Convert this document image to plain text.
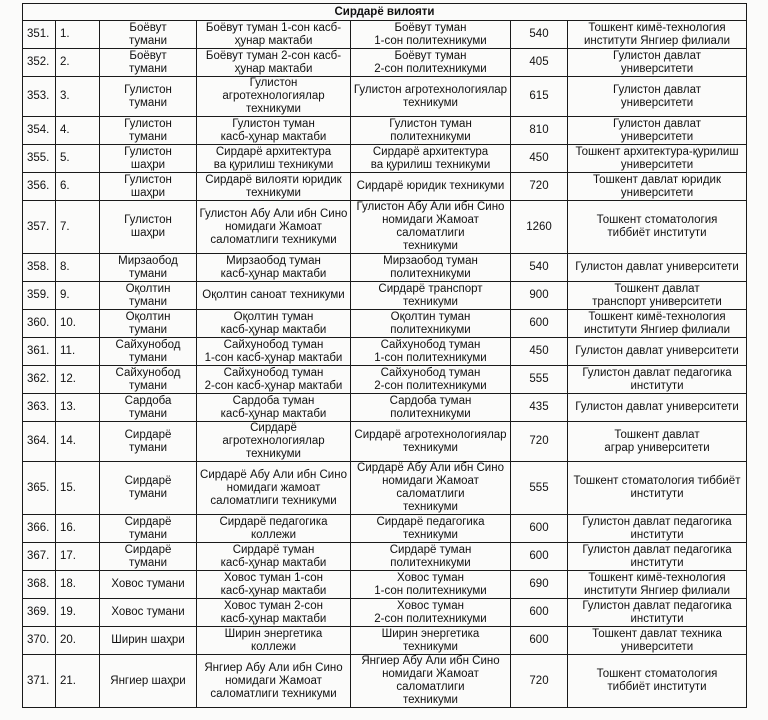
Сирдарё вилояти						
351.	1.	Боёвут
тумани	Боёвут туман 1-сон касб-
ҳунар мактаби	Боёвут туман
1-сон политехникуми	540	Тошкент кимё-технология
институти Янгиер филиали
352.	2.	Боёвут
тумани	Боёвут туман 2-сон касб-
ҳунар мактаби	Боёвут туман
2-сон политехникуми	405	Гулистон давлат
университети
353.	3.	Гулистон
тумани	Гулистон
агротехнологиялар
техникуми	Гулистон агротехнологиялар
техникуми	615	Гулистон давлат
университети
354.	4.	Гулистон
тумани	Гулистон туман
касб-ҳунар мактаби	Гулистон туман
политехникуми	810	Гулистон давлат
университети
355.	5.	Гулистон
шаҳри	Сирдарё архитектура
ва қурилиш техникуми	Сирдарё архитектура
ва қурилиш техникуми	450	Тошкент архитектура-қурилиш
университети
356.	6.	Гулистон
шаҳри	Сирдарё вилояти юридик
техникуми	Сирдарё юридик техникуми	720	Тошкент давлат юридик
университети
357.	7.	Гулистон
шаҳри	Гулистон Абу Али ибн Сино
номидаги Жамоат
саломатлиги техникуми	Гулистон Абу Али ибн Сино
номидаги Жамоат саломатлиги
техникуми	1260	Тошкент стоматология
тиббиёт институти
358.	8.	Мирзаобод
тумани	Мирзаобод туман
касб-ҳунар мактаби	Мирзаобод туман
политехникуми	540	Гулистон давлат университети
359.	9.	Оқолтин
тумани	Оқолтин саноат техникуми	Сирдарё транспорт
техникуми	900	Тошкент давлат
транспорт университети
360.	10.	Оқолтин
тумани	Оқолтин туман
касб-ҳунар мактаби	Оқолтин туман
политехникуми	600	Тошкент кимё-технология
институти Янгиер филиали
361.	11.	Сайхунобод
тумани	Сайхунобод туман
1-сон касб-ҳунар мактаби	Сайхунобод туман
1-сон политехникуми	450	Гулистон давлат университети
362.	12.	Сайхунобод
тумани	Сайхунобод туман
2-сон касб-ҳунар мактаби	Сайхунобод туман
2-сон политехникуми	555	Гулистон давлат педагогика
институти
363.	13.	Сардоба
тумани	Сардоба туман
касб-ҳунар мактаби	Сардоба туман
политехникуми	435	Гулистон давлат университети
364.	14.	Сирдарё
тумани	Сирдарё
агротехнологиялар
техникуми	Сирдарё агротехнологиялар
техникуми	720	Тошкент давлат
аграр университети
365.	15.	Сирдарё
тумани	Сирдарё Абу Али ибн Сино
номидаги жамоат
саломатлиги техникуми	Сирдарё Абу Али ибн Сино
номидаги Жамоат саломатлиги
техникуми	555	Тошкент стоматология тиббиёт
институти
366.	16.	Сирдарё
тумани	Сирдарё педагогика
коллежи	Сирдарё педагогика
техникуми	600	Гулистон давлат педагогика
институти
367.	17.	Сирдарё
тумани	Сирдарё туман
касб-ҳунар мактаби	Сирдарё туман
политехникуми	600	Гулистон давлат педагогика
институти
368.	18.	Ховос тумани	Ховос туман 1-сон
касб-ҳунар мактаби	Ховос туман
1-сон политехникуми	690	Тошкент кимё-технология
институти Янгиер филиали
369.	19.	Ховос тумани	Ховос туман 2-сон
касб-ҳунар мактаби	Ховос туман
2-сон политехникуми	600	Гулистон давлат педагогика
институти
370.	20.	Ширин шаҳри	Ширин энергетика
коллежи	Ширин энергетика
техникуми	600	Тошкент давлат техника
университети
371.	21.	Янгиер шаҳри	Янгиер Абу Али ибн Сино
номидаги Жамоат
саломатлиги техникуми	Янгиер Абу Али ибн Сино
номидаги Жамоат саломатлиги
техникуми	720	Тошкент стоматология
тиббиёт институти
